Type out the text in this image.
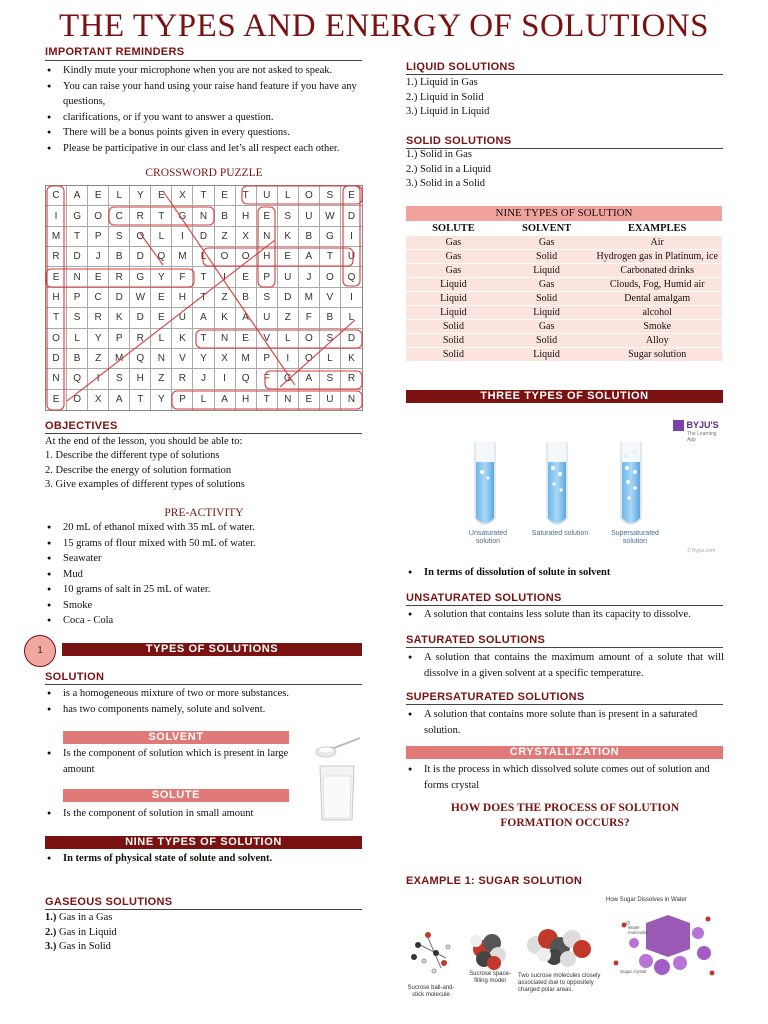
THE TYPES AND ENERGY OF SOLUTIONS
IMPORTANT REMINDERS
● Kindly mute your microphone when you are not asked to speak.
● You can raise your hand using your raise hand feature if you have any questions,
● clarifications, or if you want to answer a question.
● There will be a bonus points given in every questions.
● Please be participative in our class and let’s all respect each other.
CROSSWORD PUZZLE
C	A	E	L	Y	E	X	T	E	T	U	L	O	S	E
I	G	O	C	R	T	G	N	B	H	E	S	U	W	D
M	T	P	S	O	L	I	D	Z	X	N	K	B	G	I
R	D	J	B	D	Q	M	L	O	O	H	E	A	T	U
E	N	E	R	G	Y	F	T	I	E	P	U	J	O	Q
H	P	C	D	W	E	H	T	Z	B	S	D	M	V	I
T	S	R	K	D	E	U	A	K	A	U	Z	F	B	L
O	L	Y	P	R	L	K	T	N	E	V	L	O	S	D
D	B	Z	M	Q	N	V	Y	X	M	P	I	O	L	K
N	Q	I	S	H	Z	R	J	I	Q	F	G	A	S	R
E	O	X	A	T	Y	P	L	A	H	T	N	E	U	N
OBJECTIVES
At the end of the lesson, you should be able to:
1. Describe the different type of solutions
2. Describe the energy of solution formation
3. Give examples of different types of solutions
PRE-ACTIVITY
● 20 mL of ethanol mixed with 35 mL of water.
● 15 grams of flour mixed with 50 mL of water.
● Seawater
● Mud
● 10 grams of salt in 25 mL of water.
● Smoke
● Coca - Cola
1	TYPES OF SOLUTIONS
SOLUTION
● is a homogeneous mixture of two or more substances.
● has two components namely, solute and solvent.
SOLVENT
● Is the component of solution which is present in large amount
SOLUTE
● Is the component of solution in small amount
NINE TYPES OF SOLUTION
● In terms of physical state of solute and solvent.
GASEOUS SOLUTIONS
1.) Gas in a Gas
2.) Gas in Liquid
3.) Gas in Solid
LIQUID SOLUTIONS
1.) Liquid in Gas
2.) Liquid in Solid
3.) Liquid in Liquid
SOLID SOLUTIONS
1.) Solid in Gas
2.) Solid in a Liquid
3.) Solid in a Solid
NINE TYPES OF SOLUTION		
SOLUTE	SOLVENT	EXAMPLES
Gas	Gas	Air
Gas	Solid	Hydrogen gas in Platinum, ice
Gas	Liquid	Carbonated drinks
Liquid	Gas	Clouds, Fog, Humid air
Liquid	Solid	Dental amalgam
Liquid	Liquid	alcohol
Solid	Gas	Smoke
Solid	Solid	Alloy
Solid	Liquid	Sugar solution
THREE TYPES OF SOLUTION
BYJU'S
The Learning App
Unsaturated solution
Saturated solution	Supersaturated solution
© Byjus.com
● In terms of dissolution of solute in solvent
UNSATURATED SOLUTIONS
● A solution that contains less solute than its capacity to dissolve.
SATURATED SOLUTIONS
● A solution that contains the maximum amount of a solute that will dissolve in a given solvent at a specific temperature.
SUPERSATURATED SOLUTIONS
● A solution that contains more solute than is present in a saturated solution.
CRYSTALLIZATION
● It is the process in which dissolved solute comes out of solution and forms crystal
HOW DOES THE PROCESS OF SOLUTION FORMATION OCCURS?
EXAMPLE 1: SUGAR SOLUTION
How Sugar Dissolves in Water
Water molecules
Sugar crystal
Sucrose ball-and-stick molecule
Sucrose space-filling model
Two sucrose molecules closely associated due to oppositely charged polar areas.
